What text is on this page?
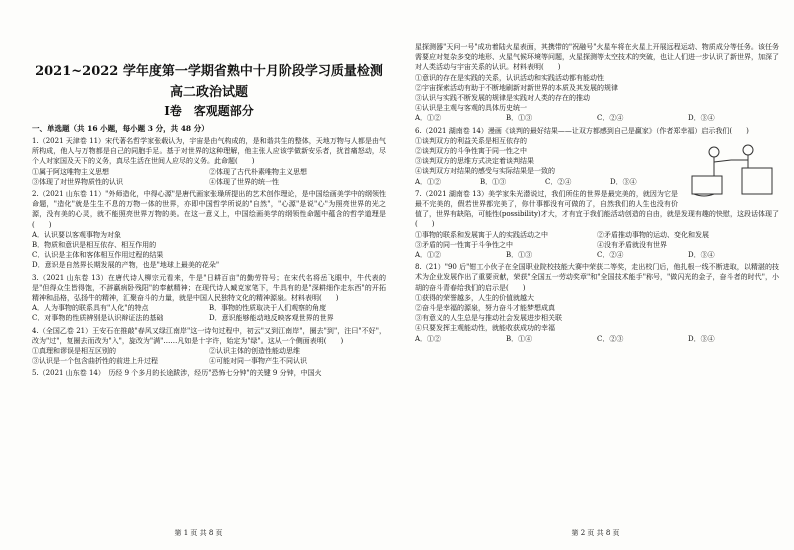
2021~2022 学年度第一学期省熟中十月阶段学习质量检测
高二政治试题
Ⅰ卷　客观题部分
一、单选题（共 16 小题，每小题 3 分，共 48 分）
1.（2021 天津卷 11）宋代著名哲学家张载认为，宇宙是由气构成的，是和谐共生的整体，天地万物与人都是由气所构成，他人与万物都是自己的同胞手足。基于对世界的这种理解，他主张人应该学做新安乐者，扰首痛怒动，尽个人对家国及天下的义务，真尽生活在世间人应尽的义务。此命题(　　)
①属于阿这唯物主义思想	②体现了古代朴素唯物主义思想
③体现了对世界物质性的认识	④体现了世界的统一性
2.（2021 山东卷 11）"外师造化，中得心源"是唐代画家张璪所提出的艺术创作理论，是中国绘画美学中的纲领性命题，"造化"就是生生不息的万物一体的世界，亦即中国哲学所说的"自然"，"心源"是说"心"为照亮世界的光之源，没有美的心灵，就不能照亮世界万物的美。在这一意义上，中国绘画美学的纲领性命题中蕴含的哲学道理是(　　)
A．认识要以客观事物为对象
B．物质和意识是相互依存、相互作用的
C．认识是主体和客体相互作用过程的结果
D．意识是自然界长期发展的产物，也是"地球上最美的花朵"
3.（2021 山东卷 13）在唐代诗人柳宗元看来，牛是"日耕百亩"的勤劳符号；在宋代名将岳飞眼中，牛代表的是"但得众生皆得饱，不辞羸病卧残阳"的奉献精神；在现代诗人臧克家笔下，牛具有的是"深耕细作走东西"的开拓精神和品格，弘扬牛的精神，汇聚奋斗的力量，就是中国人民独特文化的精神源泉。材料表明(　　)
A．人为事物的联系具有"人化"的特点	B．事物的性质取决于人们观察的角度
C．对事物的性质辨别是认识辩证法的基础	D．意识能够能动地反映客观世界的世界
4.（全国乙卷 21）王安石在推敲"春风又绿江南岸"这一诗句过程中，初云"又到江南岸"，圈去"到"，注曰"不好"，改为"过"，复圈去而改为"入"，旋改为"满"……凡如是十字许，始定为"绿"。这从一个侧面表明(　　)
①真理和谬误是相互区别的	②认识主体的创造性能动思维
③认识是一个包含曲折性的前进上升过程	④可能对同一事物产生不同认识
5.（2021 山东卷 14）　历经 9 个多月的长途跋涉，经历"恐怖七分钟"的关键 9 分钟，中国火
第 1 页 共 8 页
星探测器"天问一号"成功着陆火星表面，其携带的"祝融号"火星车将在火星上开展远程运动、物质成分等任务。该任务需要应对复杂多变的地形、火星气候环境等问题，火星探测等太空技术的突破，也让人们进一步认识了新世界，加深了对人类活动与宇宙关系的认识。材料表明(　　)
①意识的存在是实践的关系，认识活动和实践活动都有能动性
②宇宙探索活动有助于不断地刷新对新世界的本质及其发展的规律
③认识与实践不断发展的规律是实践对人类的存在的推动
④认识是主观与客观的具体历史统一
A．①②	B．①③	C．②④	D．③④
6.（2021 湖南卷 14）漫画《谈判的最好结果——让双方都感到自己是赢家》（作者郑幸福）启示我们(　　)
①谈判双方的利益关系是相互依存的
②谈判双方的斗争性寓于同一性之中
③谈判双方的思维方式决定着谈判结果
④谈判双方对结果的感受与实际结果是一致的
A．①②	B．①③	C．②④	D．③④
7.（2021 湖南卷 13）美学家朱光潜说过，我们所住的世界是最完美的，就因为它是最不完美的，假若世界都完美了，你什事都没有可做的了，自然我们的人生也没有价值了，世界有缺陷，可能性(possibility)才大，才有宜于我们能活动创造的自由，就是发现有趣的快慰，这段话体现了(　　)
①事物的联系和发展寓于人的实践活动之中	②矛盾推动事物的运动、变化和发展
③矛盾的同一性寓于斗争性之中	④没有矛盾就没有世界
A．①②	B．①③	C．②④	D．③④
8.（21）"90 后"钳工小伙子在全国职业院校技能大赛中荣获二等奖，走出校门后，他扎根一线不断进取，以精湛的技术为企业发展作出了重要贡献，荣获"全国五一劳动奖章"和"全国技术能手"称号，"做闪光的金子，奋斗者的时代"，小胡的奋斗青春给我们的启示是(　　)
①获得的荣誉越多，人生的价值就越大
②奋斗是幸福的源泉，努力奋斗才能梦想成真
③有意义的人生总是与推动社会发展进步相关联
④只要发挥主观能动性，就能收获成功的幸福
A．①②	B．①④	C．②③	D．③④
第 2 页 共 8 页
